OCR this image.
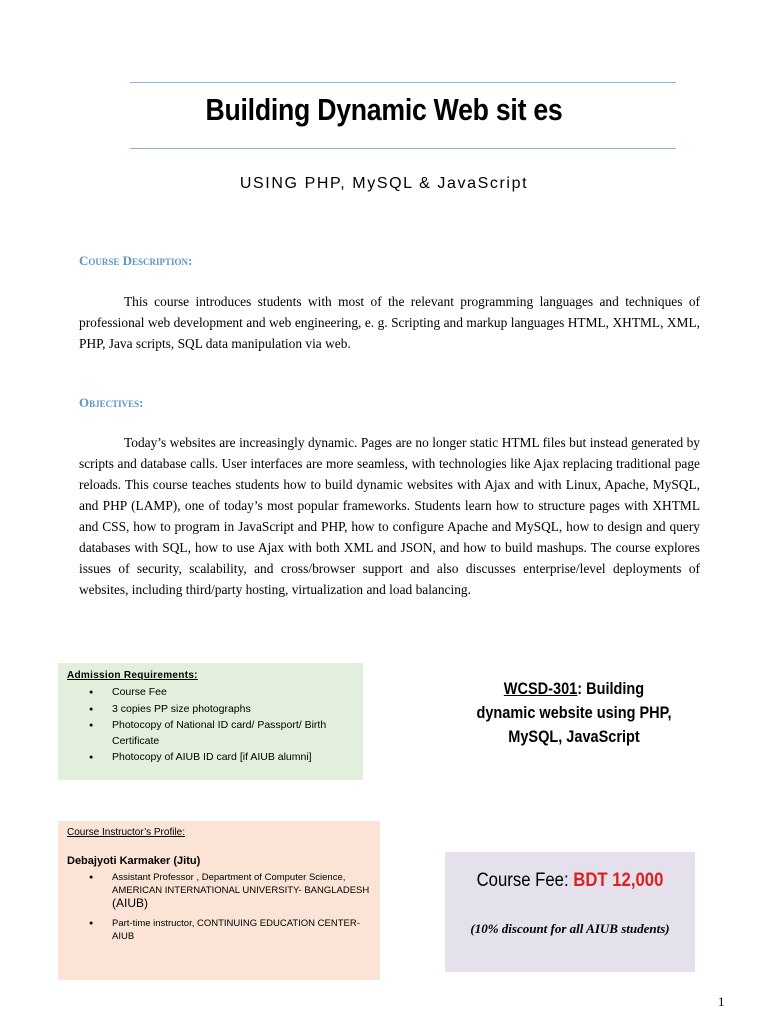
Building Dynamic Web sit es
USING PHP, MySQL & JavaScript
Course Description:
This course introduces students with most of the relevant programming languages and techniques of professional web development and web engineering, e. g. Scripting and markup languages HTML, XHTML, XML, PHP, Java scripts, SQL data manipulation via web.
Objectives:
Today’s websites are increasingly dynamic. Pages are no longer static HTML files but instead generated by scripts and database calls. User interfaces are more seamless, with technologies like Ajax replacing traditional page reloads. This course teaches students how to build dynamic websites with Ajax and with Linux, Apache, MySQL, and PHP (LAMP), one of today’s most popular frameworks. Students learn how to structure pages with XHTML and CSS, how to program in JavaScript and PHP, how to configure Apache and MySQL, how to design and query databases with SQL, how to use Ajax with both XML and JSON, and how to build mashups. The course explores issues of security, scalability, and cross/browser support and also discusses enterprise/level deployments of websites, including third/party hosting, virtualization and load balancing.
Admission Requirements:
● Course Fee
● 3 copies PP size photographs
● Photocopy of National ID card/ Passport/ Birth Certificate
● Photocopy of AIUB ID card [if AIUB alumni]
WCSD-301: Building
dynamic website using PHP,
MySQL, JavaScript
Course Instructor’s Profile:
Debajyoti Karmaker (Jitu)
● Assistant Professor , Department of Computer Science, AMERICAN INTERNATIONAL UNIVERSITY- BANGLADESH (AIUB)
● Part-time instructor, CONTINUING EDUCATION CENTER- AIUB
Course Fee: BDT 12,000
(10% discount for all AIUB students)
1
